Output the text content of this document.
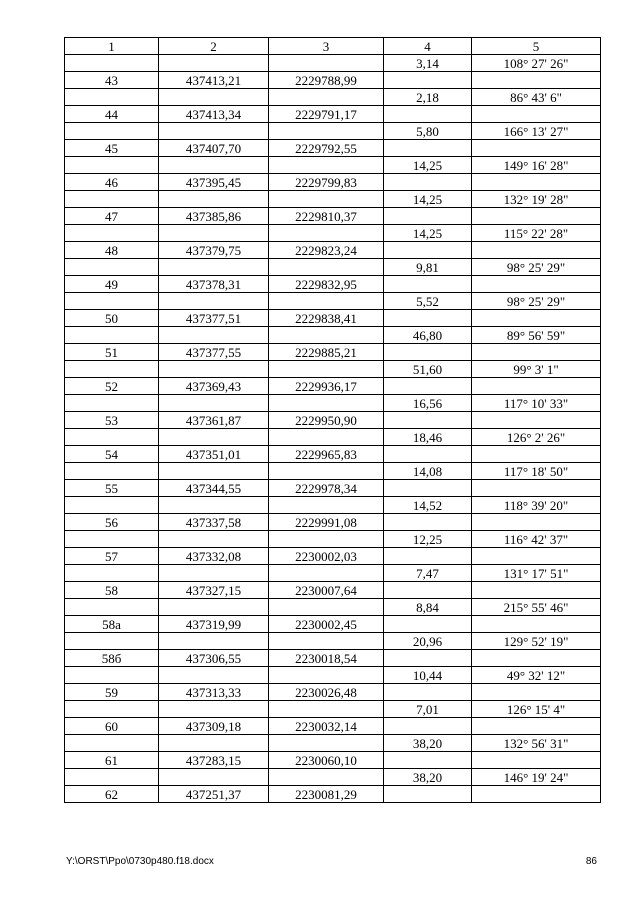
1	2	3	4	5
			3,14	108° 27' 26"
43	437413,21	2229788,99		
			2,18	86° 43' 6"
44	437413,34	2229791,17		
			5,80	166° 13' 27"
45	437407,70	2229792,55		
			14,25	149° 16' 28"
46	437395,45	2229799,83		
			14,25	132° 19' 28"
47	437385,86	2229810,37		
			14,25	115° 22' 28"
48	437379,75	2229823,24		
			9,81	98° 25' 29"
49	437378,31	2229832,95		
			5,52	98° 25' 29"
50	437377,51	2229838,41		
			46,80	89° 56' 59"
51	437377,55	2229885,21		
			51,60	99° 3' 1"
52	437369,43	2229936,17		
			16,56	117° 10' 33"
53	437361,87	2229950,90		
			18,46	126° 2' 26"
54	437351,01	2229965,83		
			14,08	117° 18' 50"
55	437344,55	2229978,34		
			14,52	118° 39' 20"
56	437337,58	2229991,08		
			12,25	116° 42' 37"
57	437332,08	2230002,03		
			7,47	131° 17' 51"
58	437327,15	2230007,64		
			8,84	215° 55' 46"
58а	437319,99	2230002,45		
			20,96	129° 52' 19"
58б	437306,55	2230018,54		
			10,44	49° 32' 12"
59	437313,33	2230026,48		
			7,01	126° 15' 4"
60	437309,18	2230032,14		
			38,20	132° 56' 31"
61	437283,15	2230060,10		
			38,20	146° 19' 24"
62	437251,37	2230081,29		
Y:\ORST\Ppo\0730p480.f18.docx	86
